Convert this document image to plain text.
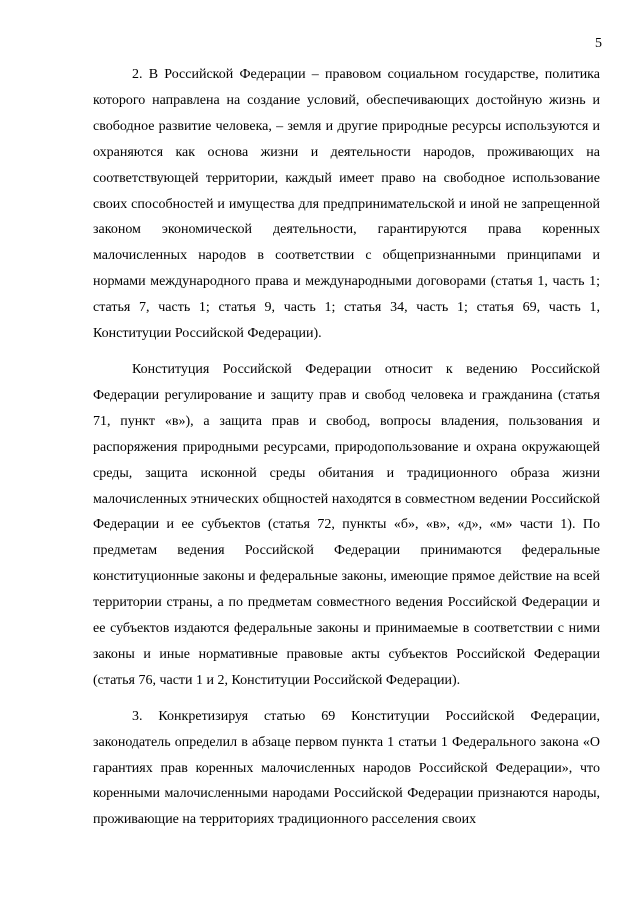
5

2. В Российской Федерации – правовом социальном государстве, политика которого направлена на создание условий, обеспечивающих достойную жизнь и свободное развитие человека, – земля и другие природные ресурсы используются и охраняются как основа жизни и деятельности народов, проживающих на соответствующей территории, каждый имеет право на свободное использование своих способностей и имущества для предпринимательской и иной не запрещенной законом экономической деятельности, гарантируются права коренных малочисленных народов в соответствии с общепризнанными принципами и нормами международного права и международными договорами (статья 1, часть 1; статья 7, часть 1; статья 9, часть 1; статья 34, часть 1; статья 69, часть 1, Конституции Российской Федерации).

Конституция Российской Федерации относит к ведению Российской Федерации регулирование и защиту прав и свобод человека и гражданина (статья 71, пункт «в»), а защита прав и свобод, вопросы владения, пользования и распоряжения природными ресурсами, природопользование и охрана окружающей среды, защита исконной среды обитания и традиционного образа жизни малочисленных этнических общностей находятся в совместном ведении Российской Федерации и ее субъектов (статья 72, пункты «б», «в», «д», «м» части 1). По предметам ведения Российской Федерации принимаются федеральные конституционные законы и федеральные законы, имеющие прямое действие на всей территории страны, а по предметам совместного ведения Российской Федерации и ее субъектов издаются федеральные законы и принимаемые в соответствии с ними законы и иные нормативные правовые акты субъектов Российской Федерации (статья 76, части 1 и 2, Конституции Российской Федерации).

3. Конкретизируя статью 69 Конституции Российской Федерации, законодатель определил в абзаце первом пункта 1 статьи 1 Федерального закона «О гарантиях прав коренных малочисленных народов Российской Федерации», что коренными малочисленными народами Российской Федерации признаются народы, проживающие на территориях традиционного расселения своих
